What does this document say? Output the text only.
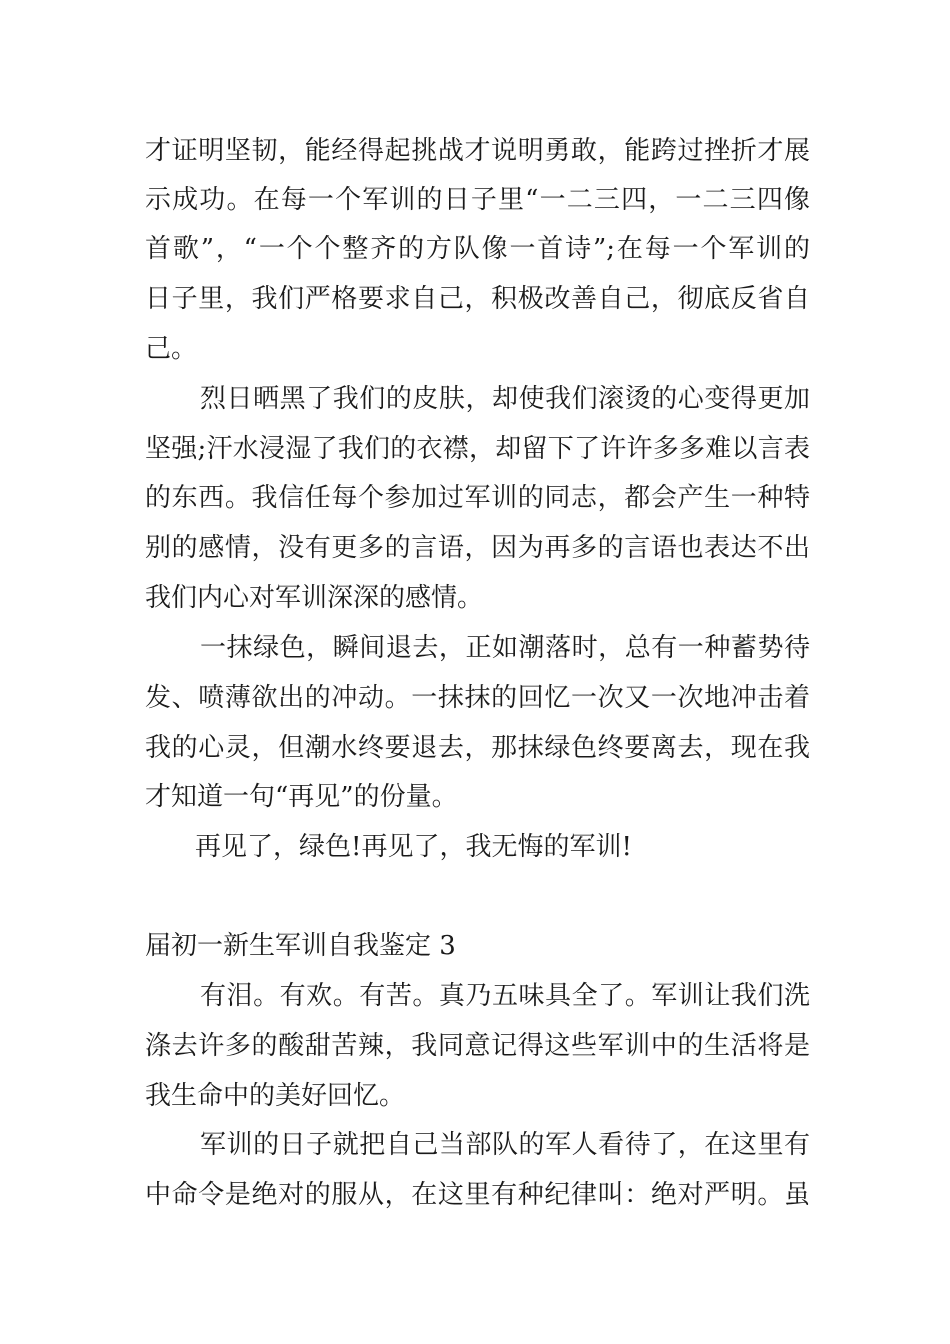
才证明坚韧，能经得起挑战才说明勇敢，能跨过挫折才展
示成功。在每一个军训的日子里“一二三四，一二三四像
首歌”，“一个个整齐的方队像一首诗”;在每一个军训的
日子里，我们严格要求自己，积极改善自己，彻底反省自
己。
烈日晒黑了我们的皮肤，却使我们滚烫的心变得更加
坚强;汗水浸湿了我们的衣襟，却留下了许许多多难以言表
的东西。我信任每个参加过军训的同志，都会产生一种特
别的感情，没有更多的言语，因为再多的言语也表达不出
我们内心对军训深深的感情。
一抹绿色，瞬间退去，正如潮落时，总有一种蓄势待
发、喷薄欲出的冲动。一抹抹的回忆一次又一次地冲击着
我的心灵，但潮水终要退去，那抹绿色终要离去，现在我
才知道一句“再见”的份量。
再见了，绿色!再见了，我无悔的军训!
届初一新生军训自我鉴定 3
有泪。有欢。有苦。真乃五味具全了。军训让我们洗
涤去许多的酸甜苦辣，我同意记得这些军训中的生活将是
我生命中的美好回忆。
军训的日子就把自己当部队的军人看待了，在这里有
中命令是绝对的服从，在这里有种纪律叫：绝对严明。虽
